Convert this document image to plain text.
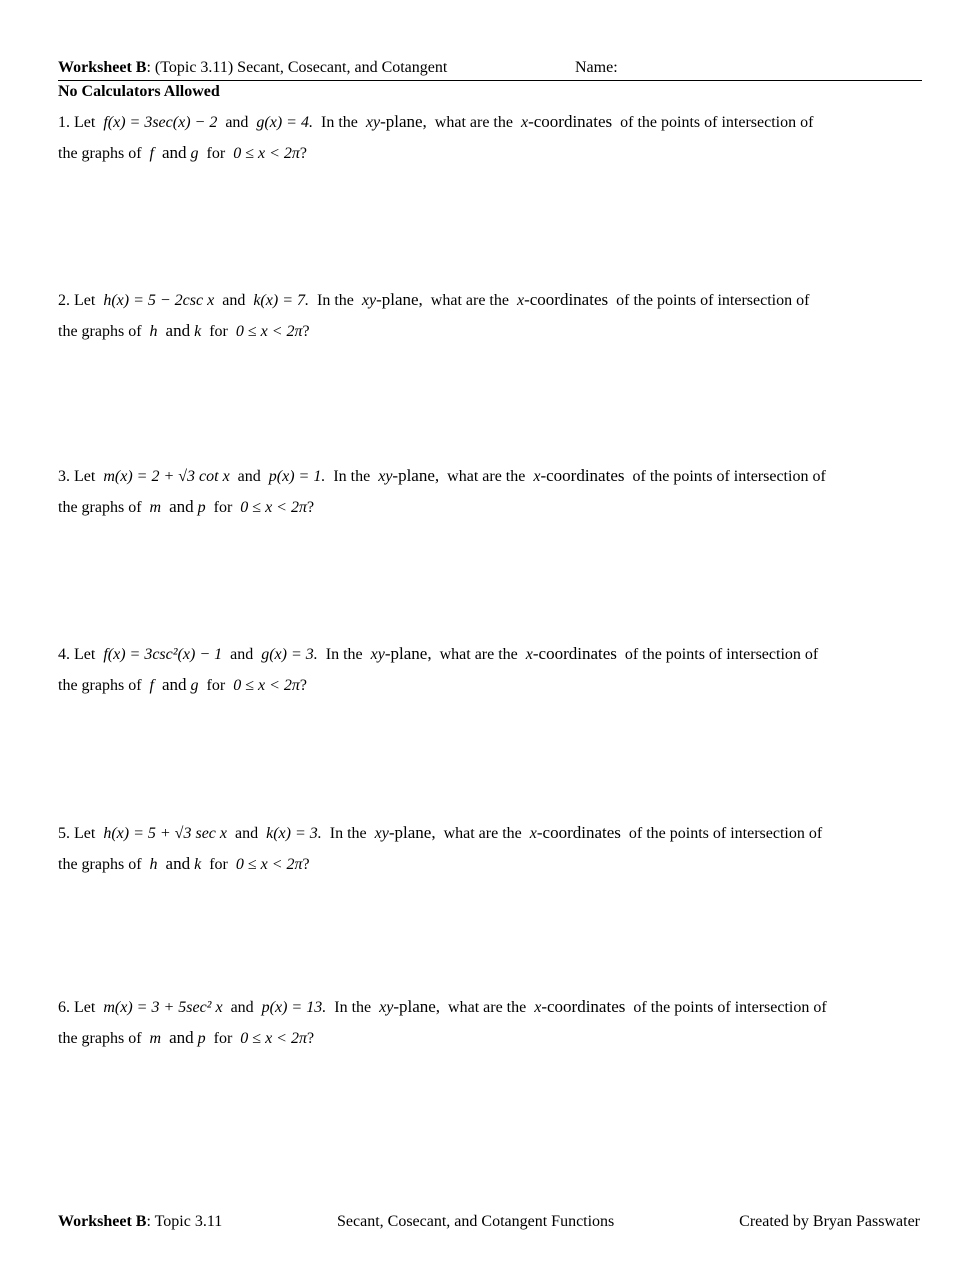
Worksheet B: (Topic 3.11) Secant, Cosecant, and Cotangent	Name:
No Calculators Allowed
1. Let f(x) = 3sec(x) − 2 and g(x) = 4. In the xy-plane, what are the x-coordinates of the points of intersection of
the graphs of f and g for 0 ≤ x < 2π?
2. Let h(x) = 5 − 2csc x and k(x) = 7. In the xy-plane, what are the x-coordinates of the points of intersection of
the graphs of h and k for 0 ≤ x < 2π?
3. Let m(x) = 2 + √3 cot x and p(x) = 1. In the xy-plane, what are the x-coordinates of the points of intersection of
the graphs of m and p for 0 ≤ x < 2π?
4. Let f(x) = 3csc²(x) − 1 and g(x) = 3. In the xy-plane, what are the x-coordinates of the points of intersection of
the graphs of f and g for 0 ≤ x < 2π?
5. Let h(x) = 5 + √3 sec x and k(x) = 3. In the xy-plane, what are the x-coordinates of the points of intersection of
the graphs of h and k for 0 ≤ x < 2π?
6. Let m(x) = 3 + 5sec² x and p(x) = 13. In the xy-plane, what are the x-coordinates of the points of intersection of
the graphs of m and p for 0 ≤ x < 2π?
Worksheet B: Topic 3.11	Secant, Cosecant, and Cotangent Functions	Created by Bryan Passwater
